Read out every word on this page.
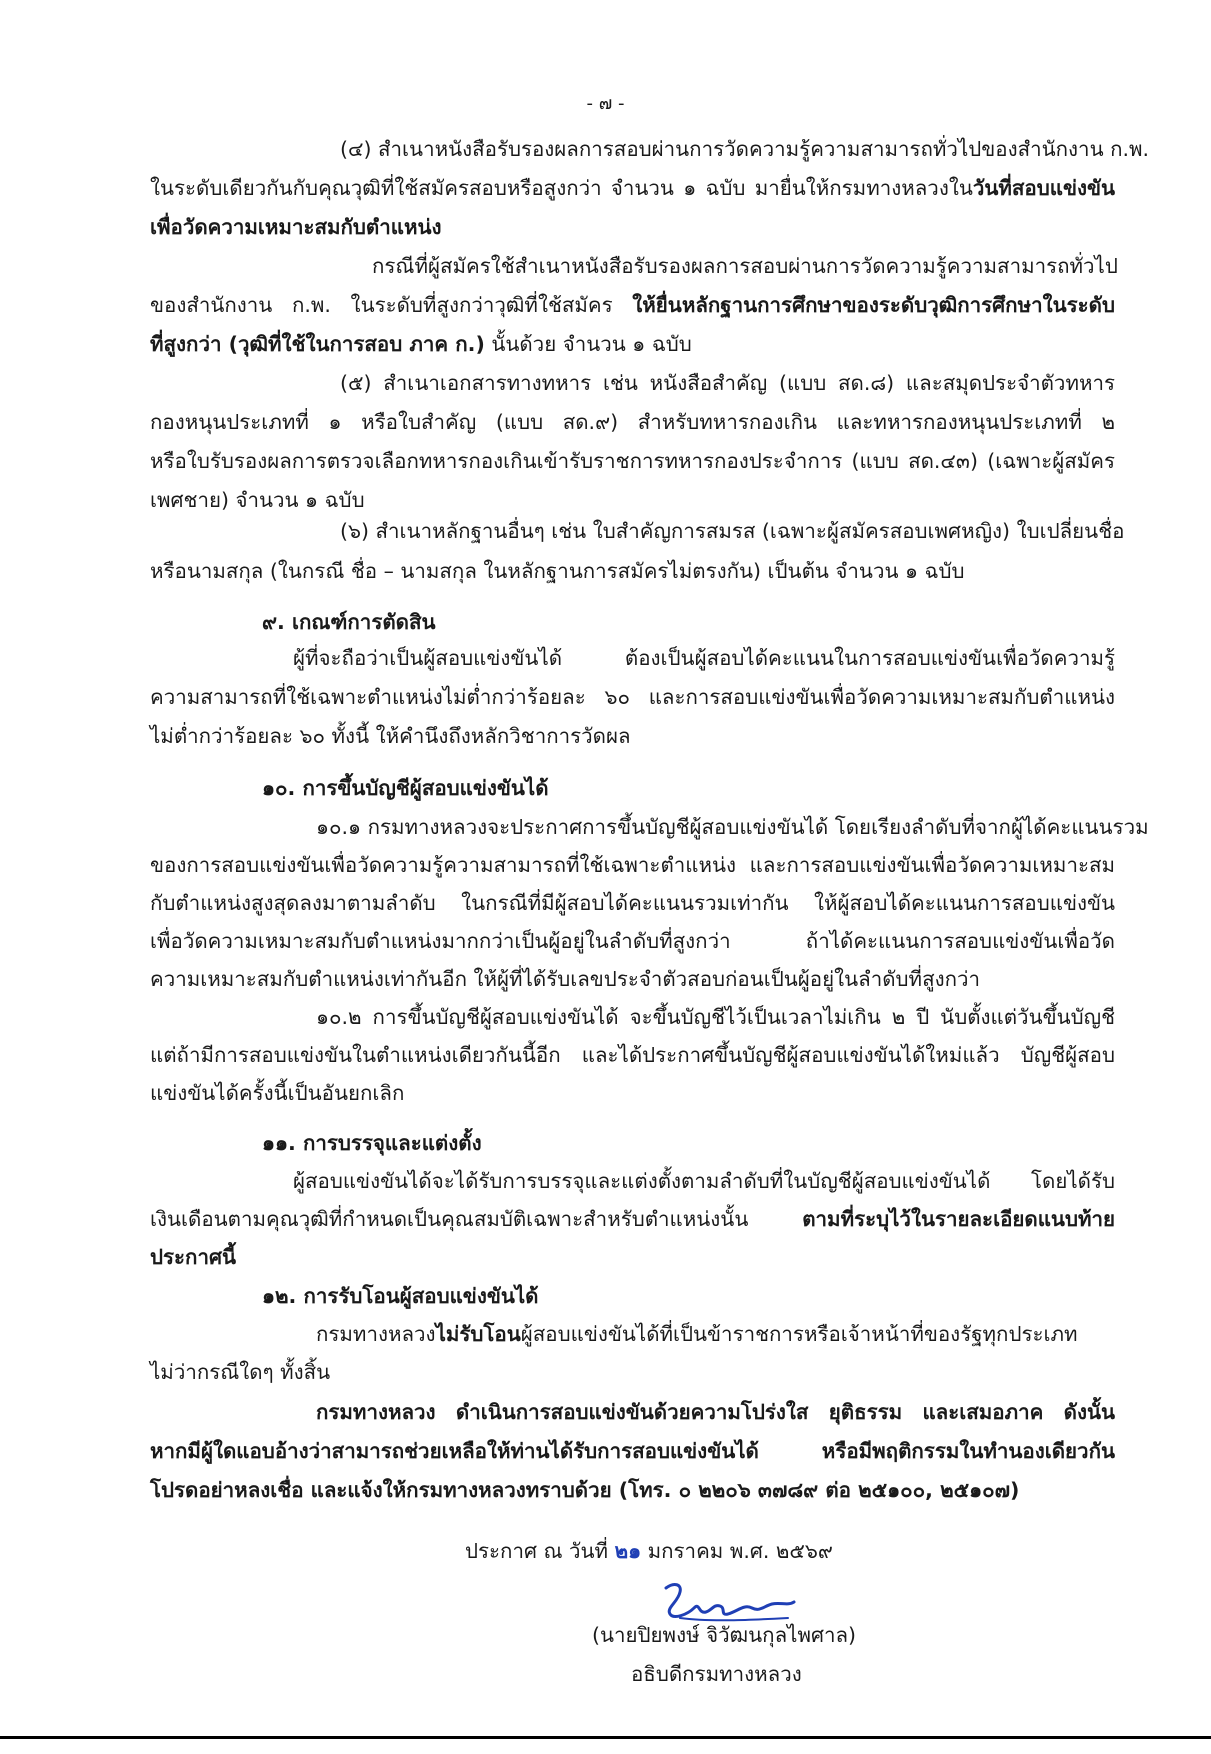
- ๗ -
(๔) สำเนาหนังสือรับรองผลการสอบผ่านการวัดความรู้ความสามารถทั่วไปของสำนักงาน ก.พ.
ในระดับเดียวกันกับคุณวุฒิที่ใช้สมัครสอบหรือสูงกว่า จำนวน ๑ ฉบับ มายื่นให้กรมทางหลวงในวันที่สอบแข่งขัน
เพื่อวัดความเหมาะสมกับตำแหน่ง
กรณีที่ผู้สมัครใช้สำเนาหนังสือรับรองผลการสอบผ่านการวัดความรู้ความสามารถทั่วไป
ของสำนักงาน ก.พ. ในระดับที่สูงกว่าวุฒิที่ใช้สมัคร ให้ยื่นหลักฐานการศึกษาของระดับวุฒิการศึกษาในระดับ
ที่สูงกว่า (วุฒิที่ใช้ในการสอบ ภาค ก.) นั้นด้วย จำนวน ๑ ฉบับ
(๕) สำเนาเอกสารทางทหาร เช่น หนังสือสำคัญ (แบบ สด.๘) และสมุดประจำตัวทหาร
กองหนุนประเภทที่ ๑ หรือใบสำคัญ (แบบ สด.๙) สำหรับทหารกองเกิน และทหารกองหนุนประเภทที่ ๒
หรือใบรับรองผลการตรวจเลือกทหารกองเกินเข้ารับราชการทหารกองประจำการ (แบบ สด.๔๓) (เฉพาะผู้สมัคร
เพศชาย) จำนวน ๑ ฉบับ
(๖) สำเนาหลักฐานอื่นๆ เช่น ใบสำคัญการสมรส (เฉพาะผู้สมัครสอบเพศหญิง) ใบเปลี่ยนชื่อ
หรือนามสกุล (ในกรณี ชื่อ – นามสกุล ในหลักฐานการสมัครไม่ตรงกัน) เป็นต้น จำนวน ๑ ฉบับ
๙. เกณฑ์การตัดสิน
ผู้ที่จะถือว่าเป็นผู้สอบแข่งขันได้ ต้องเป็นผู้สอบได้คะแนนในการสอบแข่งขันเพื่อวัดความรู้
ความสามารถที่ใช้เฉพาะตำแหน่งไม่ต่ำกว่าร้อยละ ๖๐ และการสอบแข่งขันเพื่อวัดความเหมาะสมกับตำแหน่ง
ไม่ต่ำกว่าร้อยละ ๖๐ ทั้งนี้ ให้คำนึงถึงหลักวิชาการวัดผล
๑๐. การขึ้นบัญชีผู้สอบแข่งขันได้
๑๐.๑ กรมทางหลวงจะประกาศการขึ้นบัญชีผู้สอบแข่งขันได้ โดยเรียงลำดับที่จากผู้ได้คะแนนรวม
ของการสอบแข่งขันเพื่อวัดความรู้ความสามารถที่ใช้เฉพาะตำแหน่ง และการสอบแข่งขันเพื่อวัดความเหมาะสม
กับตำแหน่งสูงสุดลงมาตามลำดับ ในกรณีที่มีผู้สอบได้คะแนนรวมเท่ากัน ให้ผู้สอบได้คะแนนการสอบแข่งขัน
เพื่อวัดความเหมาะสมกับตำแหน่งมากกว่าเป็นผู้อยู่ในลำดับที่สูงกว่า ถ้าได้คะแนนการสอบแข่งขันเพื่อวัด
ความเหมาะสมกับตำแหน่งเท่ากันอีก ให้ผู้ที่ได้รับเลขประจำตัวสอบก่อนเป็นผู้อยู่ในลำดับที่สูงกว่า
๑๐.๒ การขึ้นบัญชีผู้สอบแข่งขันได้ จะขึ้นบัญชีไว้เป็นเวลาไม่เกิน ๒ ปี นับตั้งแต่วันขึ้นบัญชี
แต่ถ้ามีการสอบแข่งขันในตำแหน่งเดียวกันนี้อีก และได้ประกาศขึ้นบัญชีผู้สอบแข่งขันได้ใหม่แล้ว บัญชีผู้สอบ
แข่งขันได้ครั้งนี้เป็นอันยกเลิก
๑๑. การบรรจุและแต่งตั้ง
ผู้สอบแข่งขันได้จะได้รับการบรรจุและแต่งตั้งตามลำดับที่ในบัญชีผู้สอบแข่งขันได้ โดยได้รับ
เงินเดือนตามคุณวุฒิที่กำหนดเป็นคุณสมบัติเฉพาะสำหรับตำแหน่งนั้น ตามที่ระบุไว้ในรายละเอียดแนบท้าย
ประกาศนี้
๑๒. การรับโอนผู้สอบแข่งขันได้
กรมทางหลวงไม่รับโอนผู้สอบแข่งขันได้ที่เป็นข้าราชการหรือเจ้าหน้าที่ของรัฐทุกประเภท
ไม่ว่ากรณีใดๆ ทั้งสิ้น
กรมทางหลวง ดำเนินการสอบแข่งขันด้วยความโปร่งใส ยุติธรรม และเสมอภาค ดังนั้น
หากมีผู้ใดแอบอ้างว่าสามารถช่วยเหลือให้ท่านได้รับการสอบแข่งขันได้ หรือมีพฤติกรรมในทำนองเดียวกัน
โปรดอย่าหลงเชื่อ และแจ้งให้กรมทางหลวงทราบด้วย (โทร. ๐ ๒๒๐๖ ๓๗๘๙ ต่อ ๒๕๑๐๐, ๒๕๑๐๗)
ประกาศ ณ วันที่ ๒๑ มกราคม พ.ศ. ๒๕๖๙
(นายปิยพงษ์ จิวัฒนกุลไพศาล)
อธิบดีกรมทางหลวง
